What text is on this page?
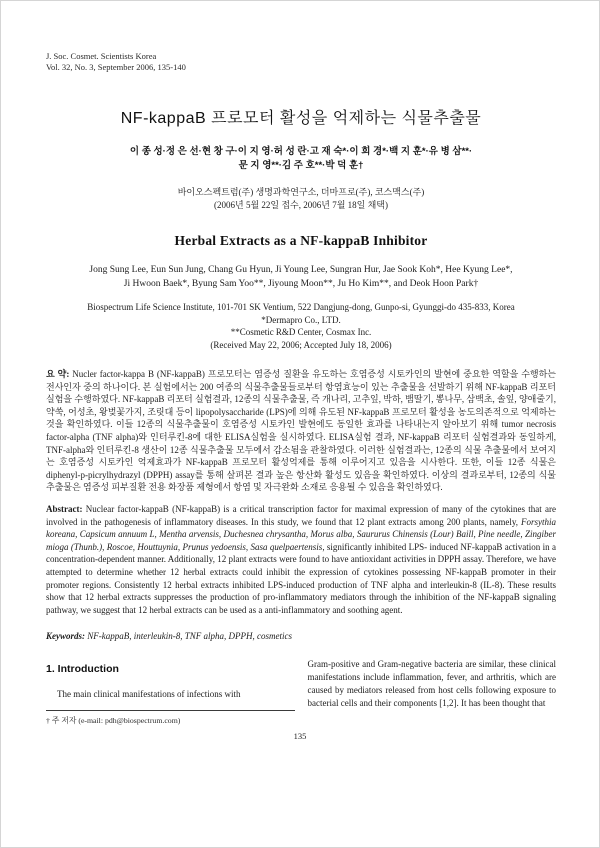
J. Soc. Cosmet. Scientists Korea
Vol. 32, No. 3, September 2006, 135-140
NF-kappaB 프로모터 활성을 억제하는 식물추출물
이 종 성·정 은 선·현 창 구·이 지 영·허 성 란·고 재 숙*·이 희 경*·백 지 훈*·유 병 삼**·
문 지 영**·김 주 호**·박 덕 훈†
바이오스펙트럼(주) 생명과학연구소, 더마프로(주), 코스맥스(주)
(2006년 5월 22일 접수, 2006년 7월 18일 채택)
Herbal Extracts as a NF-kappaB Inhibitor
Jong Sung Lee, Eun Sun Jung, Chang Gu Hyun, Ji Young Lee, Sungran Hur, Jae Sook Koh*, Hee Kyung Lee*,
Ji Hwoon Baek*, Byung Sam Yoo**, Jiyoung Moon**, Ju Ho Kim**, and Deok Hoon Park†
Biospectrum Life Science Institute, 101-701 SK Ventium, 522 Dangjung-dong, Gunpo-si, Gyunggi-do 435-833, Korea
*Dermapro Co., LTD.
**Cosmetic R&D Center, Cosmax Inc.
(Received May 22, 2006; Accepted July 18, 2006)

요 약: Nucler factor-kappa B (NF-kappaB) 프로모터는 염증성 질환을 유도하는 호염증성 시토카인의 발현에 중요한 역할을 수행하는 전사인자 중의 하나이다. 본 실험에서는 200 여종의 식물추출물들로부터 항염효능이 있는 추출물을 선발하기 위해 NF-kappaB 리포터 실험을 수행하였다. NF-kappaB 리포터 실험결과, 12종의 식물추출물, 즉 개나리, 고추잎, 박하, 뱀딸기, 뽕나무, 삼백초, 솔잎, 양애줄기, 약쑥, 어성초, 왕벚꽃가지, 조릿대 등이 lipopolysaccharide (LPS)에 의해 유도된 NF-kappaB 프로모터 활성을 농도의존적으로 억제하는 것을 확인하였다. 이들 12종의 식물추출물이 호염증성 시토카인 발현에도 동일한 효과를 나타내는지 알아보기 위해 tumor necrosis factor-alpha (TNF alpha)와 인터루킨-8에 대한 ELISA실험을 실시하였다. ELISA실험 결과, NF-kappaB 리포터 실험결과와 동일하게, TNF-alpha와 인터루킨-8 생산이 12종 식물추출물 모두에서 감소됨을 관찰하였다. 이러한 실험결과는, 12종의 식물 추출물에서 보여지는 호염증성 시토카인 억제효과가 NF-kappaB 프로모터 활성억제를 통해 이루어지고 있음을 시사한다. 또한, 이들 12종 식물은 diphenyl-p-picrylhydrazyl (DPPH) assay를 통해 살펴본 결과 높은 항산화 활성도 있음을 확인하였다. 이상의 결과로부터, 12종의 식물 추출물은 염증성 피부질환 전용 화장품 제형에서 항염 및 자극완화 소재로 응용될 수 있음을 확인하였다.

Abstract: Nuclear factor-kappaB (NF-kappaB) is a critical transcription factor for maximal expression of many of the cytokines that are involved in the pathogenesis of inflammatory diseases. In this study, we found that 12 plant extracts among 200 plants, namely, Forsythia koreana, Capsicum annuum L, Mentha arvensis, Duchesnea chrysantha, Morus alba, Saururus Chinensis (Lour) Baill, Pine needle, Zingiber mioga (Thunb.), Roscoe, Houttuynia, Prunus yedoensis, Sasa quelpaertensis, significantly inhibited LPS- induced NF-kappaB activation in a concentration-dependent manner. Additionally, 12 plant extracts were found to have antioxidant activities in DPPH assay. Therefore, we have attempted to determine whether 12 herbal extracts could inhibit the expression of cytokines possessing NF-kappaB promoter in their promoter regions. Consistently 12 herbal extracts inhibited LPS-induced production of TNF alpha and interleukin-8 (IL-8). These results show that 12 herbal extracts suppresses the production of pro-inflammatory mediators through the inhibition of the NF-kappaB signaling pathway, we suggest that 12 herbal extracts can be used as a anti-inflammatory and soothing agent.

Keywords: NF-kappaB, interleukin-8, TNF alpha, DPPH, cosmetics

1. Introduction

The main clinical manifestations of infections with

† 주 저자 (e-mail: pdh@biospectrum.com)

Gram-positive and Gram-negative bacteria are similar, these clinical manifestations include inflammation, fever, and arthritis, which are caused by mediators released from host cells following exposure to bacterial cells and their components [1,2]. It has been thought that

135
